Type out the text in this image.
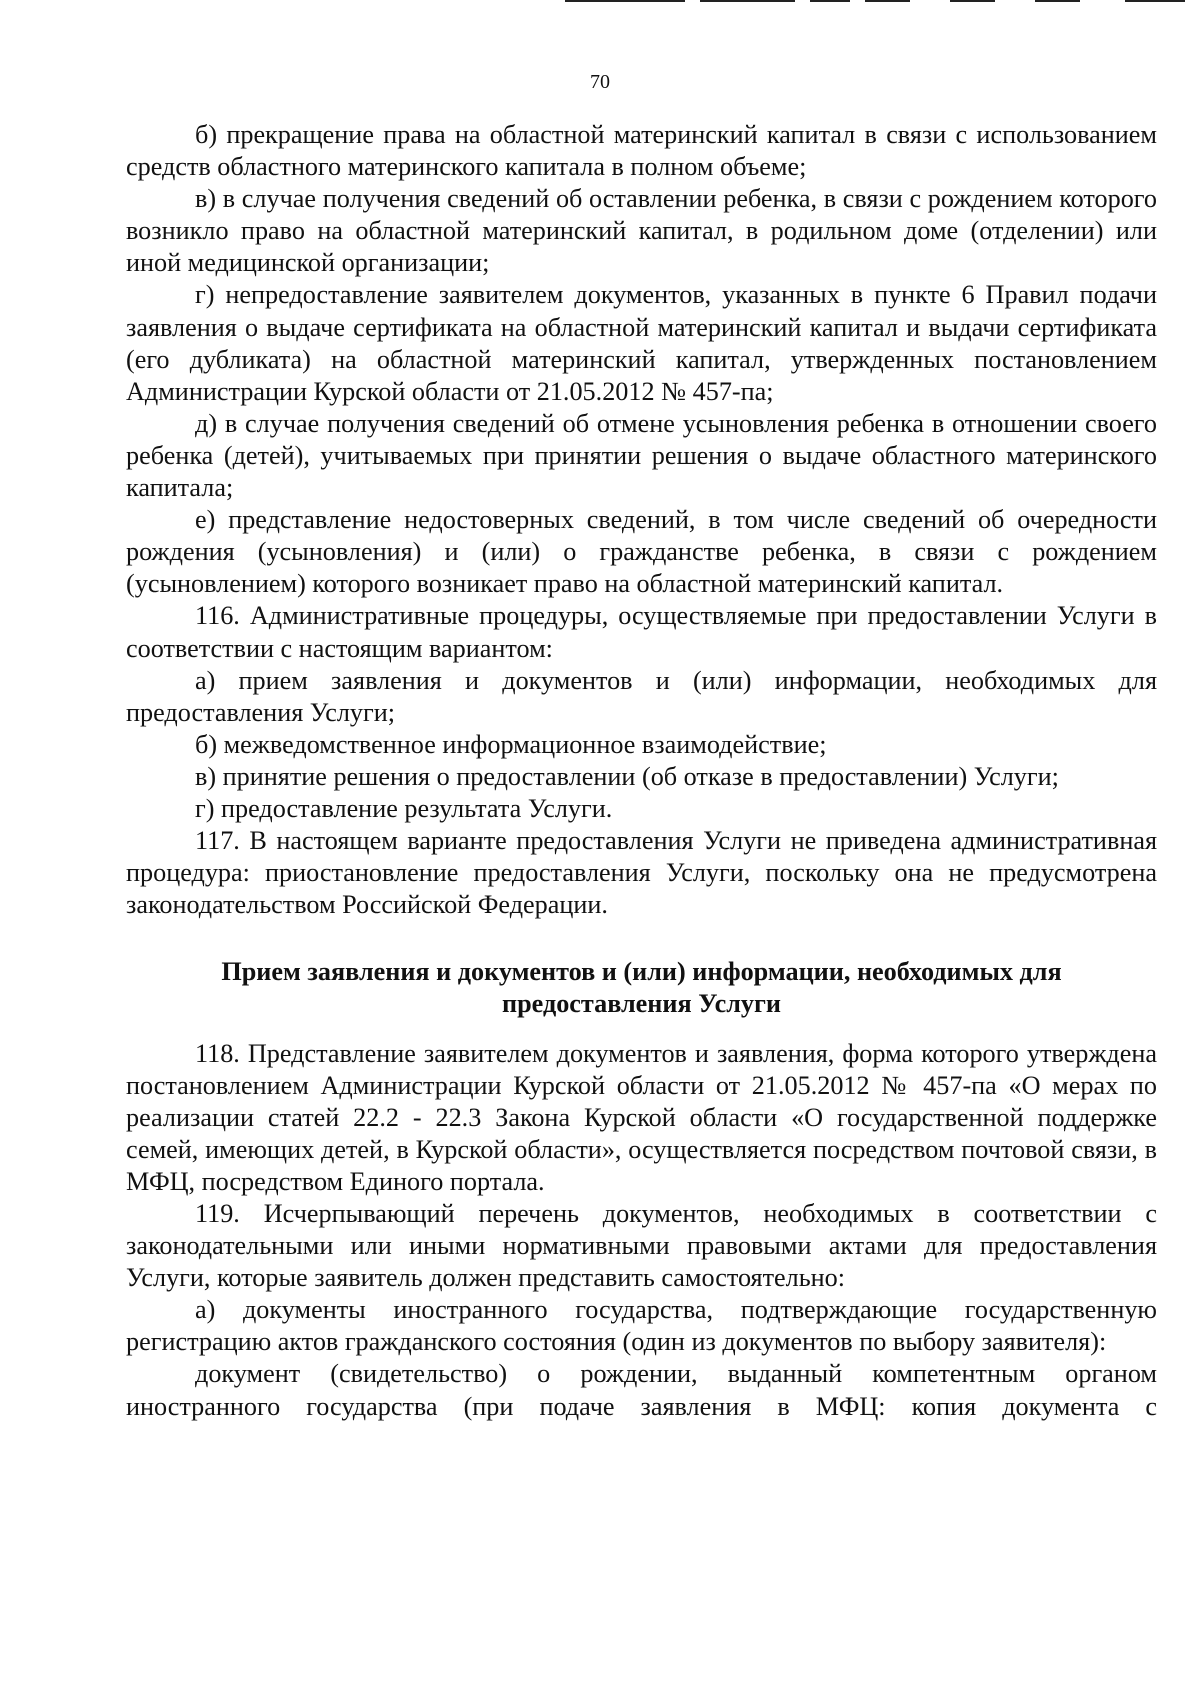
70

б) прекращение права на областной материнский капитал в связи с использованием средств областного материнского капитала в полном объеме;

в) в случае получения сведений об оставлении ребенка, в связи с рождением которого возникло право на областной материнский капитал, в родильном доме (отделении) или иной медицинской организации;

г) непредоставление заявителем документов, указанных в пункте 6 Правил подачи заявления о выдаче сертификата на областной материнский капитал и выдачи сертификата (его дубликата) на областной материнский капитал, утвержденных постановлением Администрации Курской области от 21.05.2012 № 457-па;

д) в случае получения сведений об отмене усыновления ребенка в отношении своего ребенка (детей), учитываемых при принятии решения о выдаче областного материнского капитала;

е) представление недостоверных сведений, в том числе сведений об очередности рождения (усыновления) и (или) о гражданстве ребенка, в связи с рождением (усыновлением) которого возникает право на областной материнский капитал.

116. Административные процедуры, осуществляемые при предоставлении Услуги в соответствии с настоящим вариантом:

а) прием заявления и документов и (или) информации, необходимых для предоставления Услуги;

б) межведомственное информационное взаимодействие;

в) принятие решения о предоставлении (об отказе в предоставлении) Услуги;

г) предоставление результата Услуги.

117. В настоящем варианте предоставления Услуги не приведена административная процедура: приостановление предоставления Услуги, поскольку она не предусмотрена законодательством Российской Федерации.

Прием заявления и документов и (или) информации, необходимых для
предоставления Услуги

118. Представление заявителем документов и заявления, форма которого утверждена постановлением Администрации Курской области от 21.05.2012 № 457-па «О мерах по реализации статей 22.2 - 22.3 Закона Курской области «О государственной поддержке семей, имеющих детей, в Курской области», осуществляется посредством почтовой связи, в МФЦ, посредством Единого портала.

119. Исчерпывающий перечень документов, необходимых в соответствии с законодательными или иными нормативными правовыми актами для предоставления Услуги, которые заявитель должен представить самостоятельно:

а) документы иностранного государства, подтверждающие государственную регистрацию актов гражданского состояния (один из документов по выбору заявителя):

документ (свидетельство) о рождении, выданный компетентным органом иностранного государства (при подаче заявления в МФЦ: копия документа с
